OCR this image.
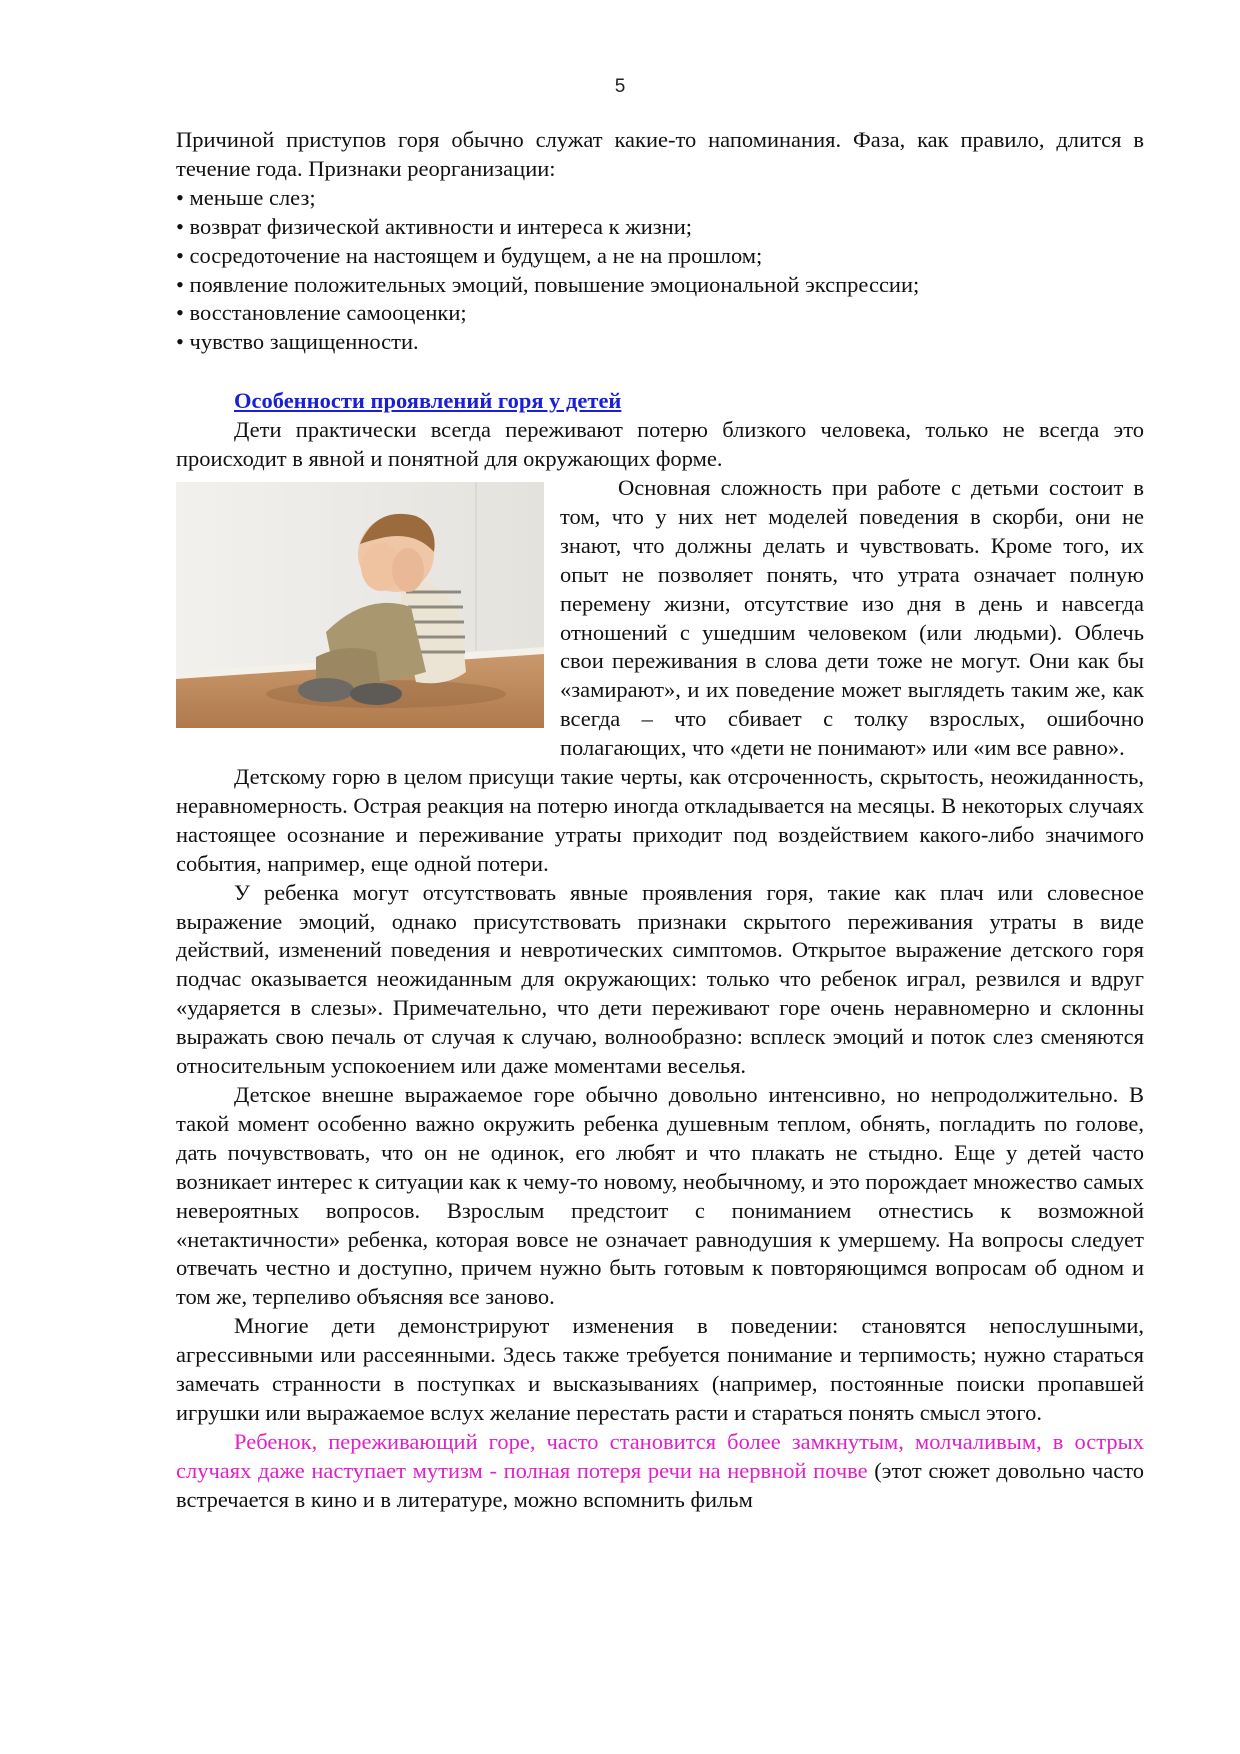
5

Причиной приступов горя обычно служат какие-то напоминания. Фаза, как правило, длится в течение года. Признаки реорганизации:

• меньше слез;
• возврат физической активности и интереса к жизни;
• сосредоточение на настоящем и будущем, а не на прошлом;
• появление положительных эмоций, повышение эмоциональной экспрессии;
• восстановление самооценки;
• чувство защищенности.
Особенности проявлений горя у детей

Дети практически всегда переживают потерю близкого человека, только не всегда это происходит в явной и понятной для окружающих форме.

Основная сложность при работе с детьми состоит в том, что у них нет моделей поведения в скорби, они не знают, что должны делать и чувствовать. Кроме того, их опыт не позволяет понять, что утрата означает полную перемену жизни, отсутствие изо дня в день и навсегда отношений с ушедшим человеком (или людьми). Облечь свои переживания в слова дети тоже не могут. Они как бы «замирают», и их поведение может выглядеть таким же, как всегда – что сбивает с толку взрослых, ошибочно полагающих, что «дети не понимают» или «им все равно».

Детскому горю в целом присущи такие черты, как отсроченность, скрытость, неожиданность, неравномерность. Острая реакция на потерю иногда откладывается на месяцы. В некоторых случаях настоящее осознание и переживание утраты приходит под воздействием какого-либо значимого события, например, еще одной потери.

У ребенка могут отсутствовать явные проявления горя, такие как плач или словесное выражение эмоций, однако присутствовать признаки скрытого переживания утраты в виде действий, изменений поведения и невротических симптомов. Открытое выражение детского горя подчас оказывается неожиданным для окружающих: только что ребенок играл, резвился и вдруг «ударяется в слезы». Примечательно, что дети переживают горе очень неравномерно и склонны выражать свою печаль от случая к случаю, волнообразно: всплеск эмоций и поток слез сменяются относительным успокоением или даже моментами веселья.

Детское внешне выражаемое горе обычно довольно интенсивно, но непродолжительно. В такой момент особенно важно окружить ребенка душевным теплом, обнять, погладить по голове, дать почувствовать, что он не одинок, его любят и что плакать не стыдно. Еще у детей часто возникает интерес к ситуации как к чему-то новому, необычному, и это порождает множество самых невероятных вопросов. Взрослым предстоит с пониманием отнестись к возможной «нетактичности» ребенка, которая вовсе не означает равнодушия к умершему. На вопросы следует отвечать честно и доступно, причем нужно быть готовым к повторяющимся вопросам об одном и том же, терпеливо объясняя все заново.

Многие дети демонстрируют изменения в поведении: становятся непослушными, агрессивными или рассеянными. Здесь также требуется понимание и терпимость; нужно стараться замечать странности в поступках и высказываниях (например, постоянные поиски пропавшей игрушки или выражаемое вслух желание перестать расти и стараться понять смысл этого.

Ребенок, переживающий горе, часто становится более замкнутым, молчаливым, в острых случаях даже наступает мутизм - полная потеря речи на нервной почве (этот сюжет довольно часто встречается в кино и в литературе, можно вспомнить фильм
